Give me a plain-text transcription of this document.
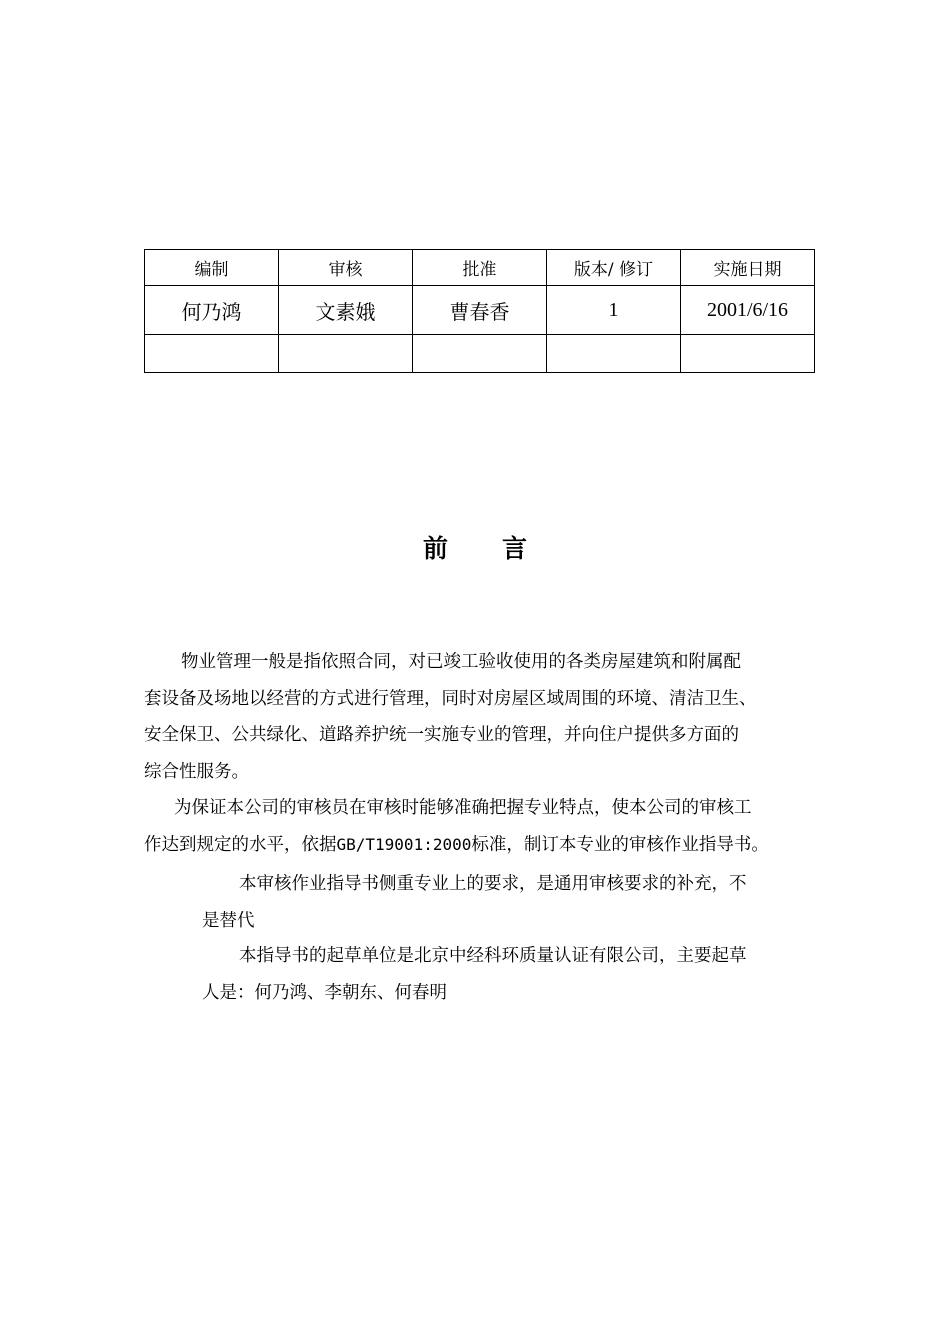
编制	审核	批准	版本/ 修订	实施日期
何乃鸿	文素娥	曹春香	1	2001/6/16

前 言
物业管理一般是指依照合同，对已竣工验收使用的各类房屋建筑和附属配
套设备及场地以经营的方式进行管理，同时对房屋区域周围的环境、清洁卫生、
安全保卫、公共绿化、道路养护统一实施专业的管理，并向住户提供多方面的
综合性服务。
为保证本公司的审核员在审核时能够准确把握专业特点，使本公司的审核工
作达到规定的水平，依据GB/T19001:2000标准，制订本专业的审核作业指导书。
本审核作业指导书侧重专业上的要求，是通用审核要求的补充，不
是替代
本指导书的起草单位是北京中经科环质量认证有限公司，主要起草
人是：何乃鸿、李朝东、何春明
